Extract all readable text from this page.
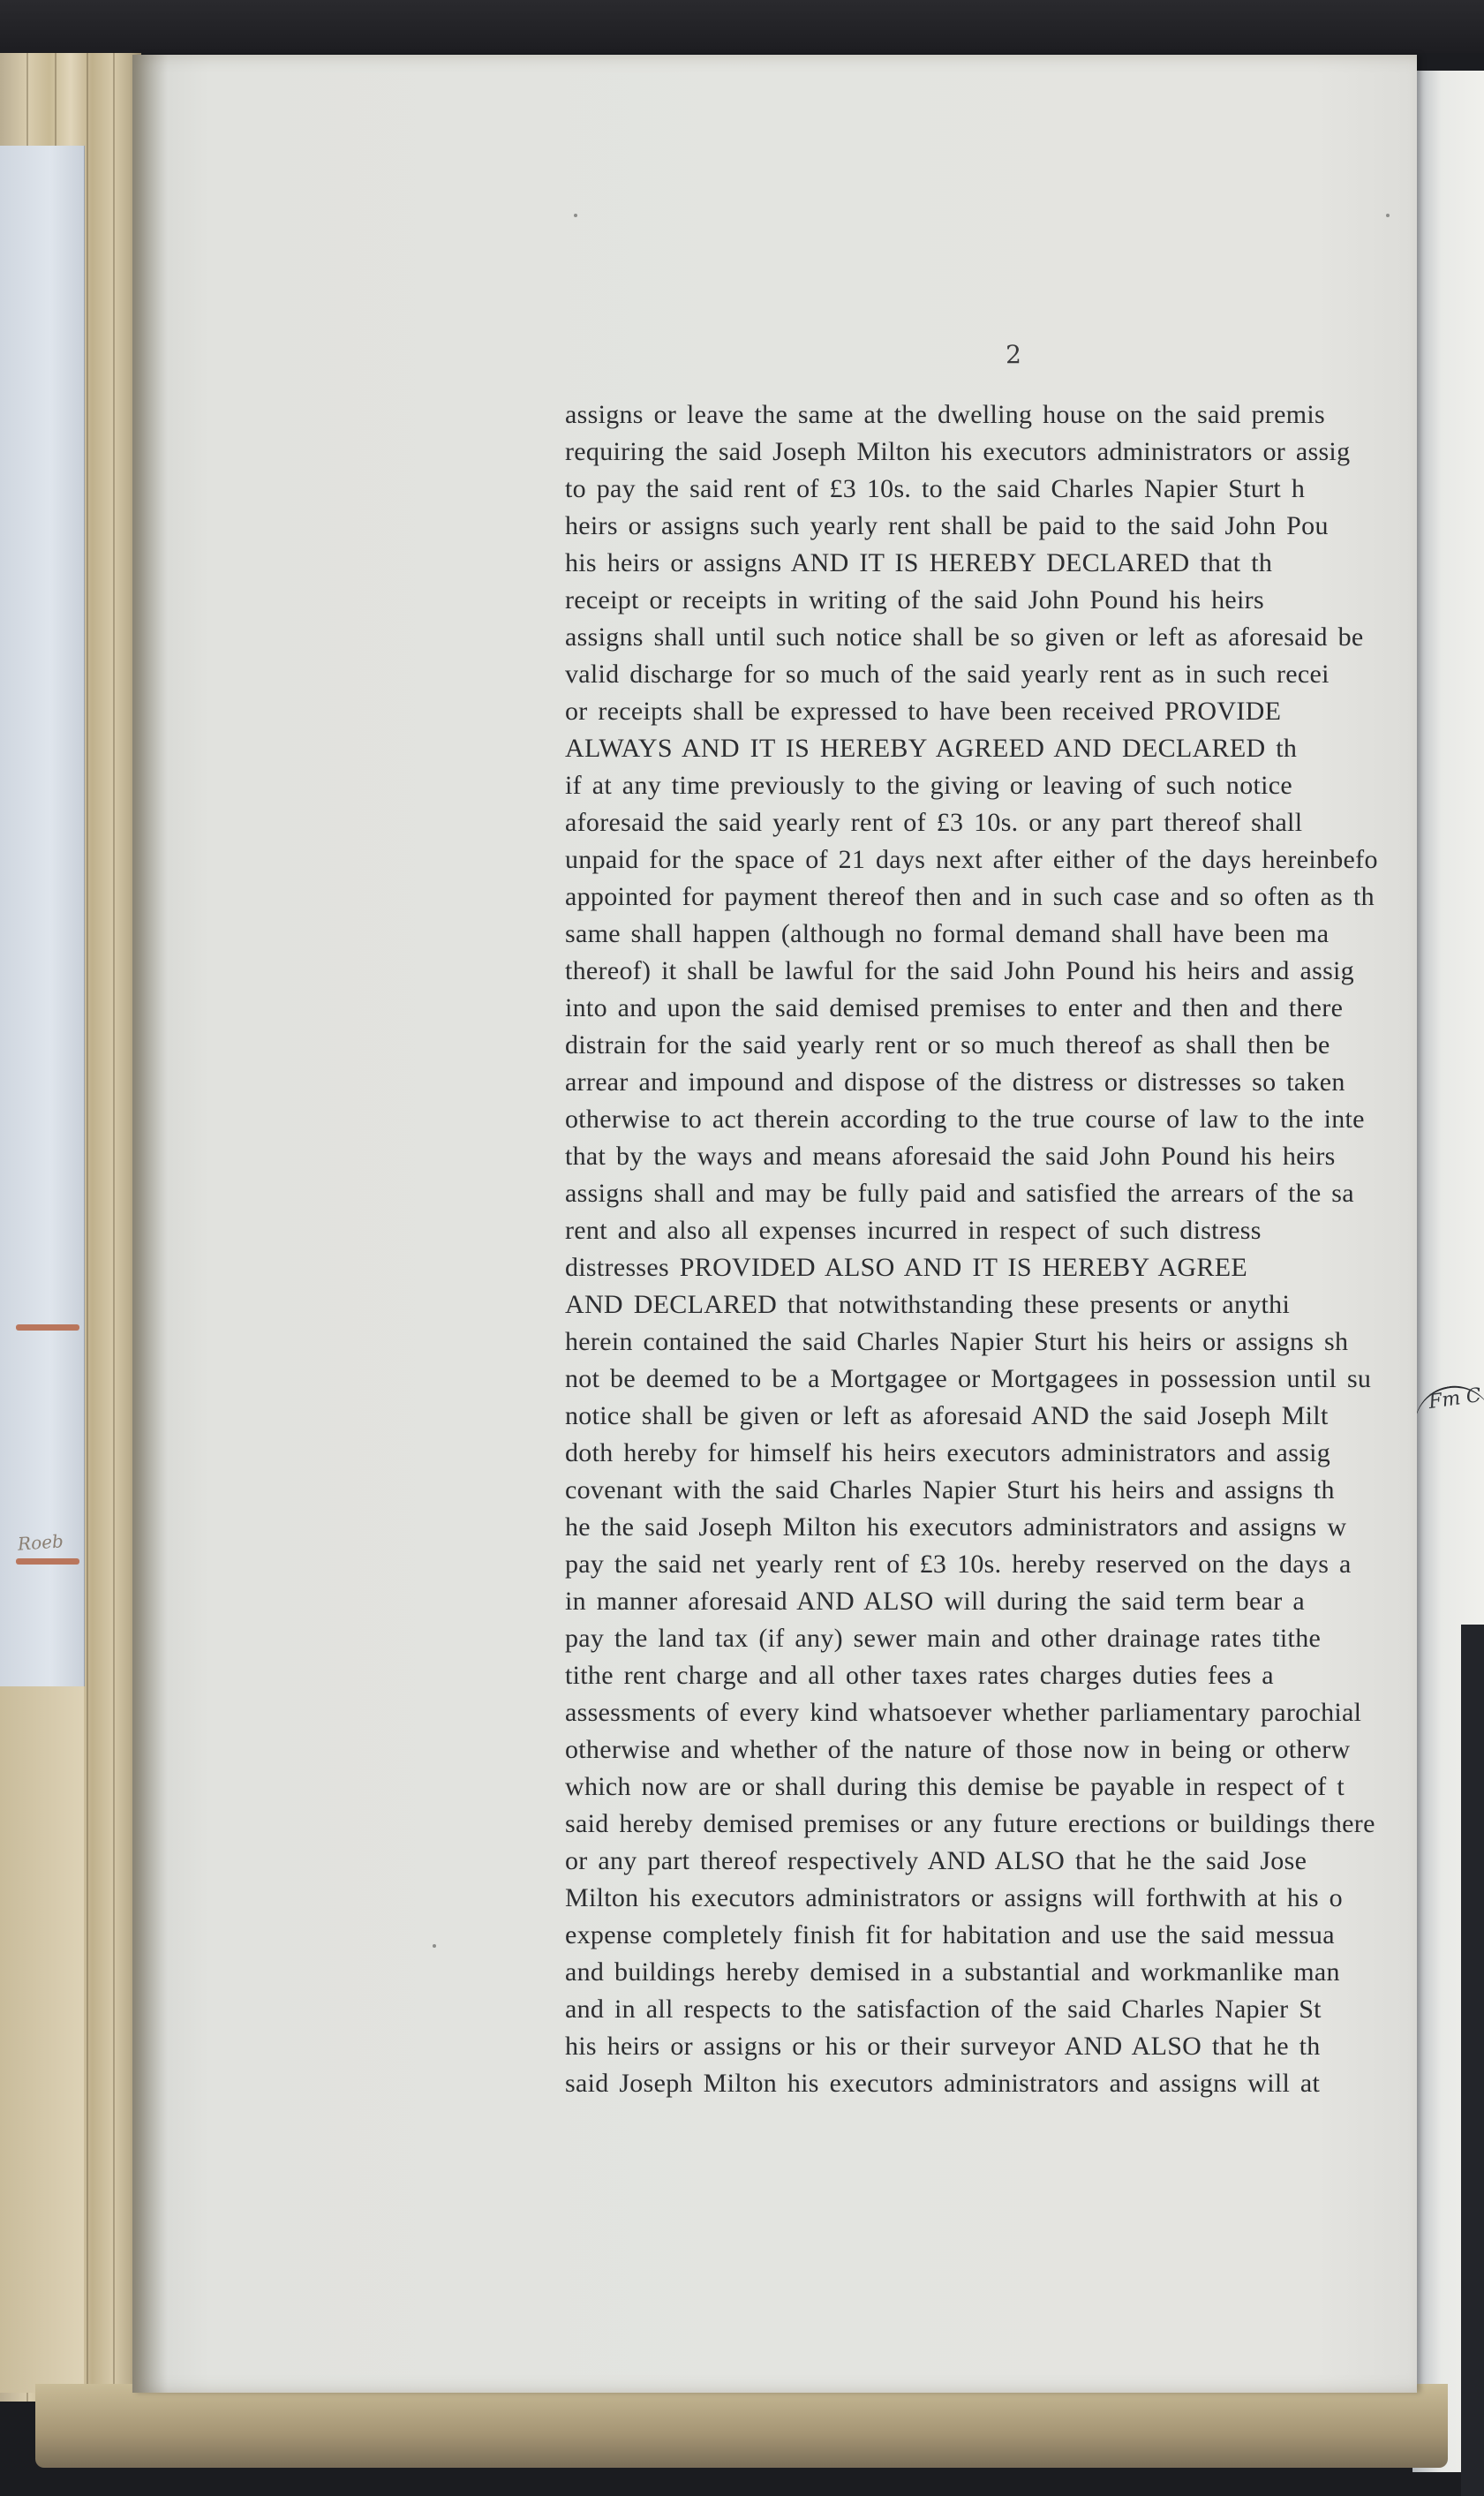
Roeb
Fm C
2
assigns or leave the same at the dwelling house on the said premis
requiring the said Joseph Milton his executors administrators or assig
to pay the said rent of £3 10s. to the said Charles Napier Sturt h
heirs or assigns such yearly rent shall be paid to the said John Pou
his heirs or assigns AND IT IS HEREBY DECLARED that th
receipt or receipts in writing of the said John Pound his heirs
assigns shall until such notice shall be so given or left as aforesaid be
valid discharge for so much of the said yearly rent as in such recei
or receipts shall be expressed to have been received PROVIDE
ALWAYS AND IT IS HEREBY AGREED AND DECLARED th
if at any time previously to the giving or leaving of such notice
aforesaid the said yearly rent of £3 10s. or any part thereof shall
unpaid for the space of 21 days next after either of the days hereinbefo
appointed for payment thereof then and in such case and so often as th
same shall happen (although no formal demand shall have been ma
thereof) it shall be lawful for the said John Pound his heirs and assig
into and upon the said demised premises to enter and then and there
distrain for the said yearly rent or so much thereof as shall then be
arrear and impound and dispose of the distress or distresses so taken
otherwise to act therein according to the true course of law to the inte
that by the ways and means aforesaid the said John Pound his heirs
assigns shall and may be fully paid and satisfied the arrears of the sa
rent and also all expenses incurred in respect of such distress
distresses PROVIDED ALSO AND IT IS HEREBY AGREE
AND DECLARED that notwithstanding these presents or anythi
herein contained the said Charles Napier Sturt his heirs or assigns sh
not be deemed to be a Mortgagee or Mortgagees in possession until su
notice shall be given or left as aforesaid AND the said Joseph Milt
doth hereby for himself his heirs executors administrators and assig
covenant with the said Charles Napier Sturt his heirs and assigns th
he the said Joseph Milton his executors administrators and assigns w
pay the said net yearly rent of £3 10s. hereby reserved on the days a
in manner aforesaid AND ALSO will during the said term bear a
pay the land tax (if any) sewer main and other drainage rates tithe
tithe rent charge and all other taxes rates charges duties fees a
assessments of every kind whatsoever whether parliamentary parochial
otherwise and whether of the nature of those now in being or otherw
which now are or shall during this demise be payable in respect of t
said hereby demised premises or any future erections or buildings there
or any part thereof respectively AND ALSO that he the said Jose
Milton his executors administrators or assigns will forthwith at his o
expense completely finish fit for habitation and use the said messua
and buildings hereby demised in a substantial and workmanlike man
and in all respects to the satisfaction of the said Charles Napier St
his heirs or assigns or his or their surveyor AND ALSO that he th
said Joseph Milton his executors administrators and assigns will at
